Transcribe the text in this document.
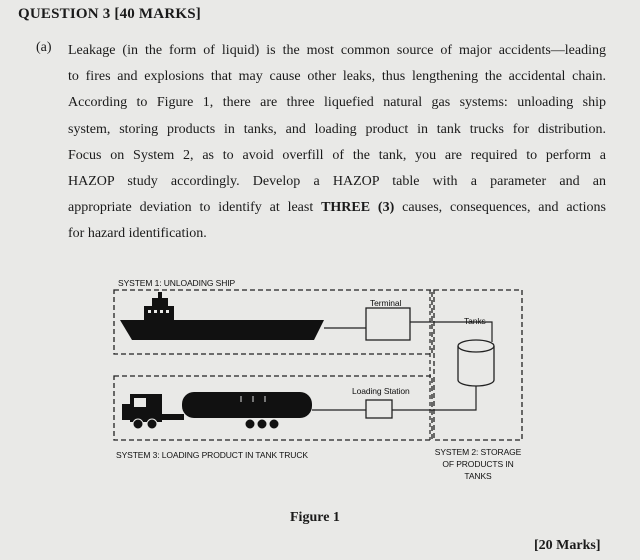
QUESTION 3 [40 MARKS]
(a) Leakage (in the form of liquid) is the most common source of major accidents—leading
to fires and explosions that may cause other leaks, thus lengthening the accidental chain.
According to Figure 1, there are three liquefied natural gas systems: unloading ship
system, storing products in tanks, and loading product in tank trucks for distribution.
Focus on System 2, as to avoid overfill of the tank, you are required to perform a
HAZOP study accordingly. Develop a HAZOP table with a parameter and an
appropriate deviation to identify at least THREE (3) causes, consequences, and actions
for hazard identification.
SYSTEM 1: UNLOADING SHIP
Terminal
Tanks
Loading Station
SYSTEM 3: LOADING PRODUCT IN TANK TRUCK	SYSTEM 2: STORAGE
OF PRODUCTS IN
TANKS
Figure 1
[20 Marks]
